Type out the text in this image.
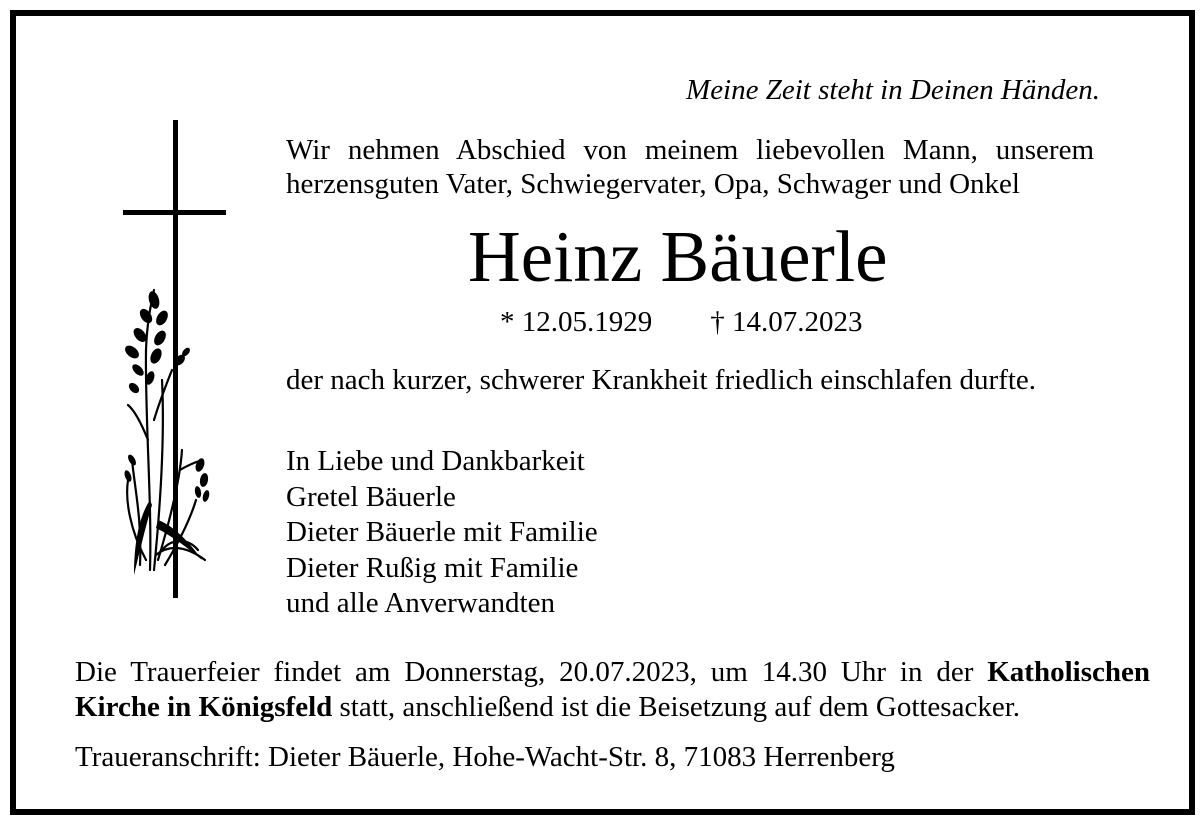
Meine Zeit steht in Deinen Händen.
Wir nehmen Abschied von meinem liebevollen Mann, unserem
herzensguten Vater, Schwiegervater, Opa, Schwager und Onkel
Heinz Bäuerle
* 12.05.1929 † 14.07.2023
der nach kurzer, schwerer Krankheit friedlich einschlafen durfte.
In Liebe und Dankbarkeit
Gretel Bäuerle
Dieter Bäuerle mit Familie
Dieter Rußig mit Familie
und alle Anverwandten
Die Trauerfeier findet am Donnerstag, 20.07.2023, um 14.30 Uhr in der Katholischen
Kirche in Königsfeld statt, anschließend ist die Beisetzung auf dem Gottesacker.
Traueranschrift: Dieter Bäuerle, Hohe-Wacht-Str. 8, 71083 Herrenberg
